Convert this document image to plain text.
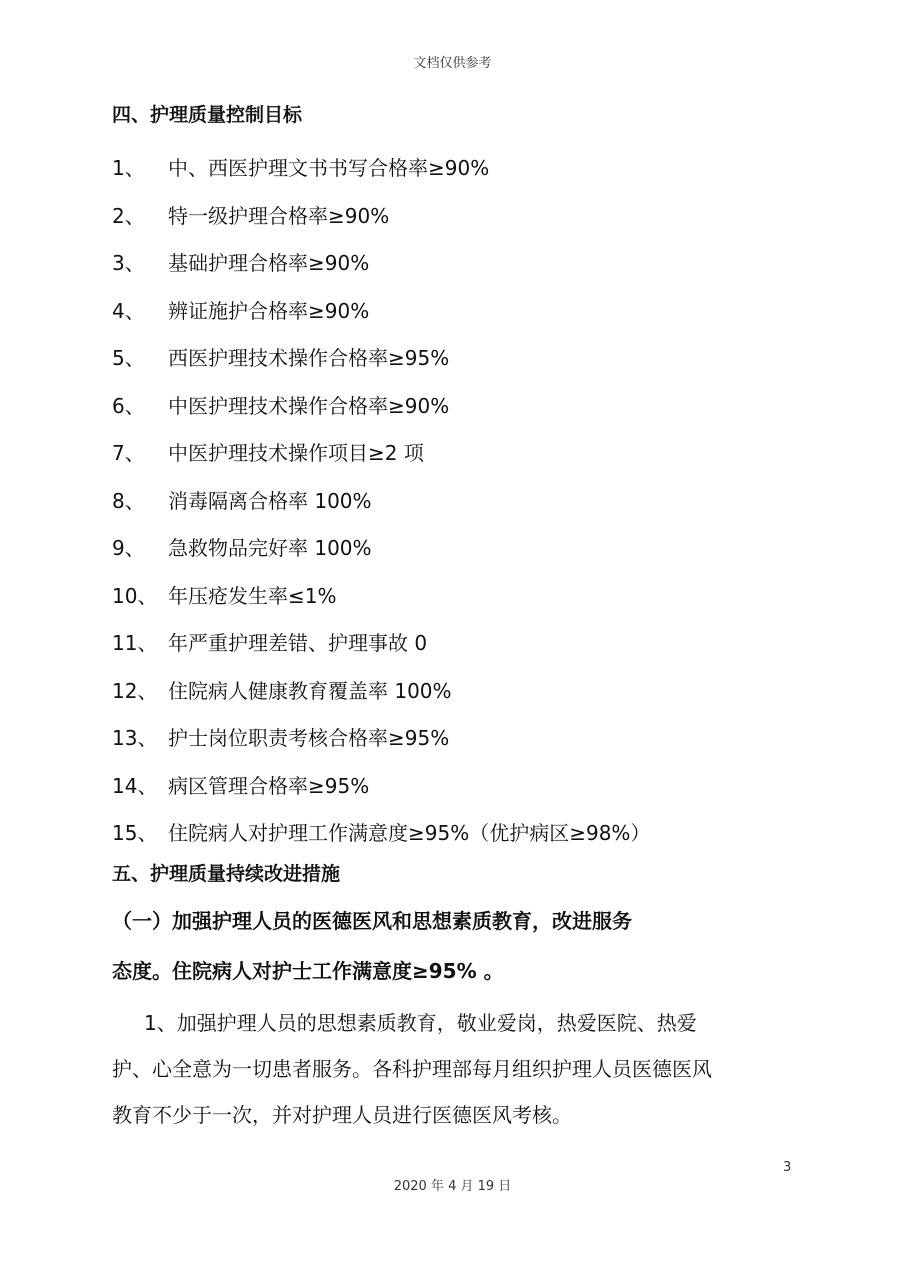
文档仅供参考
四、护理质量控制目标
1、	中、西医护理文书书写合格率≥90%
2、	特一级护理合格率≥90%
3、	基础护理合格率≥90%
4、	辨证施护合格率≥90%
5、	西医护理技术操作合格率≥95%
6、	中医护理技术操作合格率≥90%
7、	中医护理技术操作项目≥2 项
8、	消毒隔离合格率 100%
9、	急救物品完好率 100%
10、 年压疮发生率≤1%
11、 年严重护理差错、护理事故 0
12、 住院病人健康教育覆盖率 100%
13、 护士岗位职责考核合格率≥95%
14、 病区管理合格率≥95%
15、 住院病人对护理工作满意度≥95%（优护病区≥98%）
五、护理质量持续改进措施
（一）加强护理人员的医德医风和思想素质教育，改进服务
态度。住院病人对护士工作满意度≥95% 。
1、加强护理人员的思想素质教育，敬业爱岗，热爱医院、热爱
护、心全意为一切患者服务。各科护理部每月组织护理人员医德医风
教育不少于一次，并对护理人员进行医德医风考核。
3
2020 年 4 月 19 日
